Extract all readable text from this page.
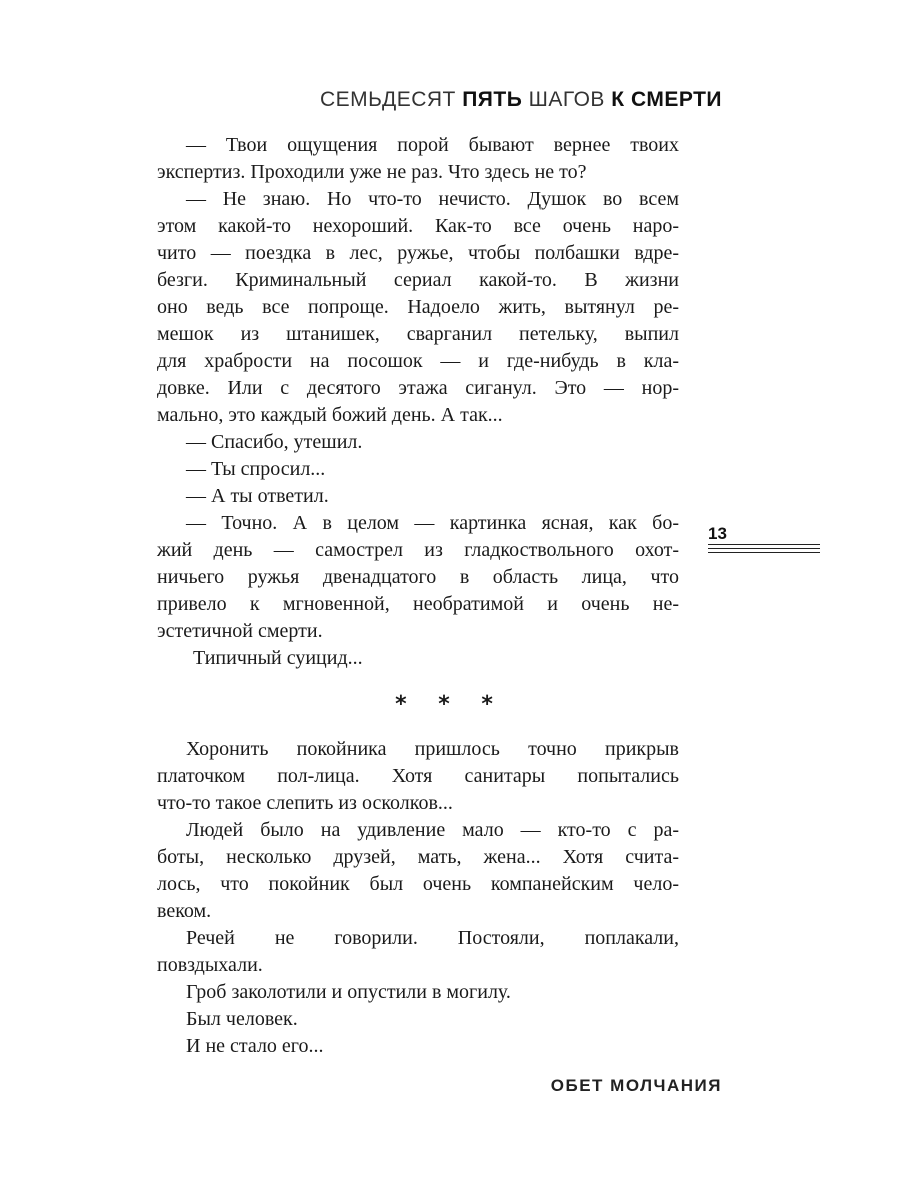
СЕМЬДЕСЯТ ПЯТЬ ШАГОВ К СМЕРТИ
— Твои ощущения порой бывают вернее твоих
экспертиз. Проходили уже не раз. Что здесь не то?
— Не знаю. Но что-то нечисто. Душок во всем
этом какой-то нехороший. Как-то все очень наро-
чито — поездка в лес, ружье, чтобы полбашки вдре-
безги. Криминальный сериал какой-то. В жизни
оно ведь все попроще. Надоело жить, вытянул ре-
мешок из штанишек, сварганил петельку, выпил
для храбрости на посошок — и где-нибудь в кла-
довке. Или с десятого этажа сиганул. Это — нор-
мально, это каждый божий день. А так...
— Спасибо, утешил.
— Ты спросил...
— А ты ответил.
— Точно. А в целом — картинка ясная, как бо-
жий день — самострел из гладкоствольного охот-
ничьего ружья двенадцатого в область лица, что
привело к мгновенной, необратимой и очень не-
эстетичной смерти.
Типичный суицид...
* * *
Хоронить покойника пришлось точно прикрыв
платочком пол-лица. Хотя санитары попытались
что-то такое слепить из осколков...
Людей было на удивление мало — кто-то с ра-
боты, несколько друзей, мать, жена... Хотя счита-
лось, что покойник был очень компанейским чело-
веком.
Речей не говорили. Постояли, поплакали,
повздыхали.
Гроб заколотили и опустили в могилу.
Был человек.
И не стало его...
13
ОБЕТ МОЛЧАНИЯ
